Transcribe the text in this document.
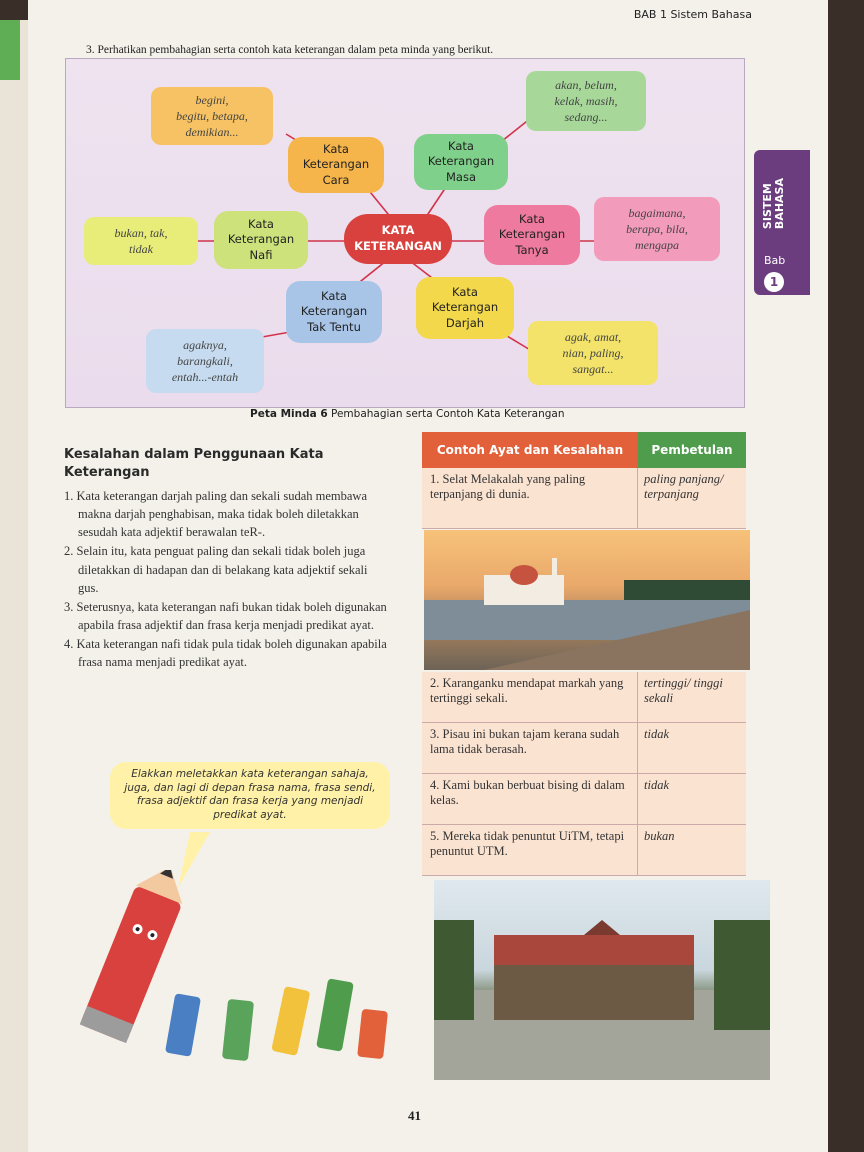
BAB 1 Sistem Bahasa
3. Perhatikan pembahagian serta contoh kata keterangan dalam peta minda yang berikut.
KATA
KETERANGAN
Kata
Keterangan
Cara
begini,
begitu, betapa,
demikian...
Kata
Keterangan
Masa
akan, belum,
kelak, masih,
sedang...
Kata
Keterangan
Nafi
bukan, tak,
tidak
Kata
Keterangan
Tanya
bagaimana,
berapa, bila,
mengapa
Kata
Keterangan
Tak Tentu
agaknya,
barangkali,
entah...-entah
Kata
Keterangan
Darjah
agak, amat,
nian, paling,
sangat...
Peta Minda 6 Pembahagian serta Contoh Kata Keterangan
Kesalahan dalam Penggunaan Kata Keterangan

1. Kata keterangan darjah paling dan sekali sudah membawa makna darjah penghabisan, maka tidak boleh diletakkan sesudah kata adjektif berawalan teR-.

2. Selain itu, kata penguat paling dan sekali tidak boleh juga diletakkan di hadapan dan di belakang kata adjektif sekali gus.

3. Seterusnya, kata keterangan nafi bukan tidak boleh digunakan apabila frasa adjektif dan frasa kerja menjadi predikat ayat.

4. Kata keterangan nafi tidak pula tidak boleh digunakan apabila frasa nama menjadi predikat ayat.

Elakkan meletakkan kata keterangan sahaja, juga, dan lagi di depan frasa nama, frasa sendi, frasa adjektif dan frasa kerja yang menjadi predikat ayat.
Contoh Ayat dan Kesalahan	Pembetulan
1. Selat Melakalah yang paling terpanjang di dunia.
paling panjang/ terpanjang
2. Karanganku mendapat markah yang tertinggi sekali.
tertinggi/ tinggi sekali
3. Pisau ini bukan tajam kerana sudah lama tidak berasah.
tidak
4. Kami bukan berbuat bising di dalam kelas.
tidak
5. Mereka tidak penuntut UiTM, tetapi penuntut UTM.
bukan
41
SISTEM
BAHASA
Bab
1
